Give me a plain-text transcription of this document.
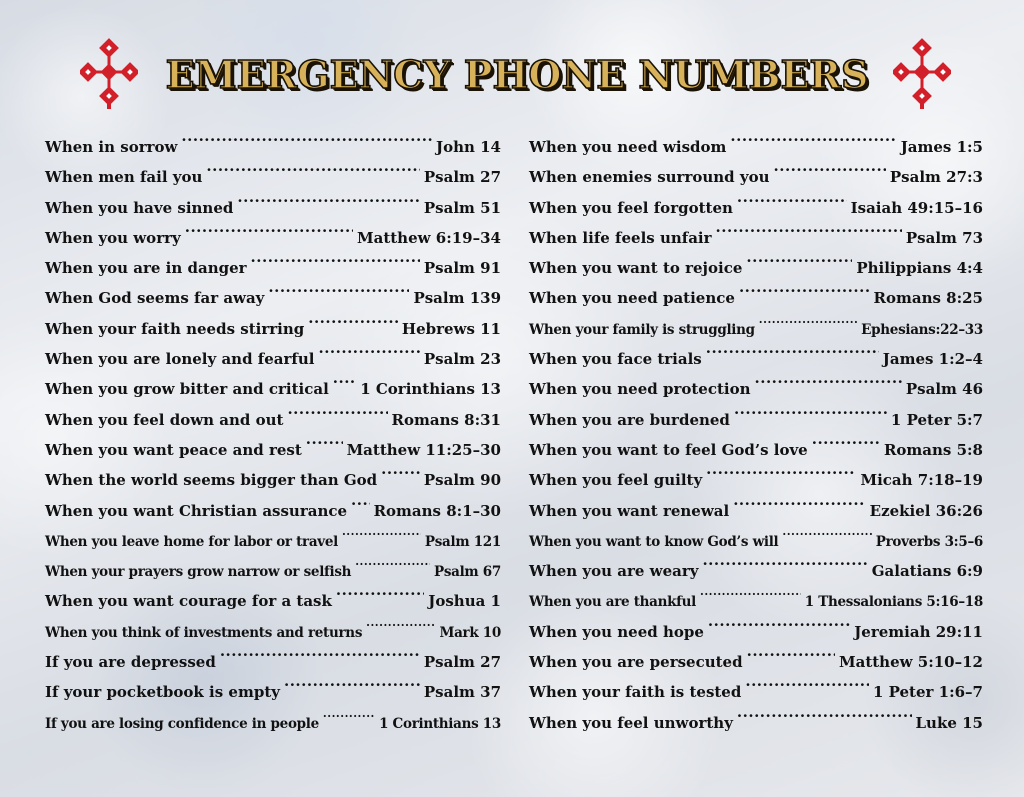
EMERGENCY PHONE NUMBERS
When in sorrow .....	John 14
When men fail you .....	Psalm 27
When you have sinned .....	Psalm 51
When you worry .....	Matthew 6:19–34
When you are in danger .....	Psalm 91
When God seems far away .....	Psalm 139
When your faith needs stirring .....	Hebrews 11
When you are lonely and fearful .....	Psalm 23
When you grow bitter and critical ..... 1 Corinthians 13
When you feel down and out .....	Romans 8:31
When you want peace and rest .....	Matthew 11:25–30
When the world seems bigger than God .....	Psalm 90
When you want Christian assurance ..... Romans 8:1–30
When you leave home for labor or travel .....	Psalm 121
When your prayers grow narrow or selfish .....	Psalm 67
When you want courage for a task .....	Joshua 1
When you think of investments and returns .....	Mark 10
If you are depressed .....	Psalm 27
If your pocketbook is empty .....	Psalm 37
If you are losing confidence in people .....	1 Corinthians 13
When you need wisdom .....	James 1:5
When enemies surround you .....	Psalm 27:3
When you feel forgotten .....	Isaiah 49:15–16
When life feels unfair .....	Psalm 73
When you want to rejoice .....	Philippians 4:4
When you need patience .....	Romans 8:25
When your family is struggling .....	Ephesians:22–33
When you face trials .....	James 1:2–4
When you need protection .....	Psalm 46
When you are burdened .....	1 Peter 5:7
When you want to feel God’s love .....	Romans 5:8
When you feel guilty .....	Micah 7:18–19
When you want renewal .....	Ezekiel 36:26
When you want to know God’s will .....	Proverbs 3:5–6
When you are weary .....	Galatians 6:9
When you are thankful .....	1 Thessalonians 5:16–18
When you need hope .....	Jeremiah 29:11
When you are persecuted .....	Matthew 5:10–12
When your faith is tested .....	1 Peter 1:6–7
When you feel unworthy .....	Luke 15
